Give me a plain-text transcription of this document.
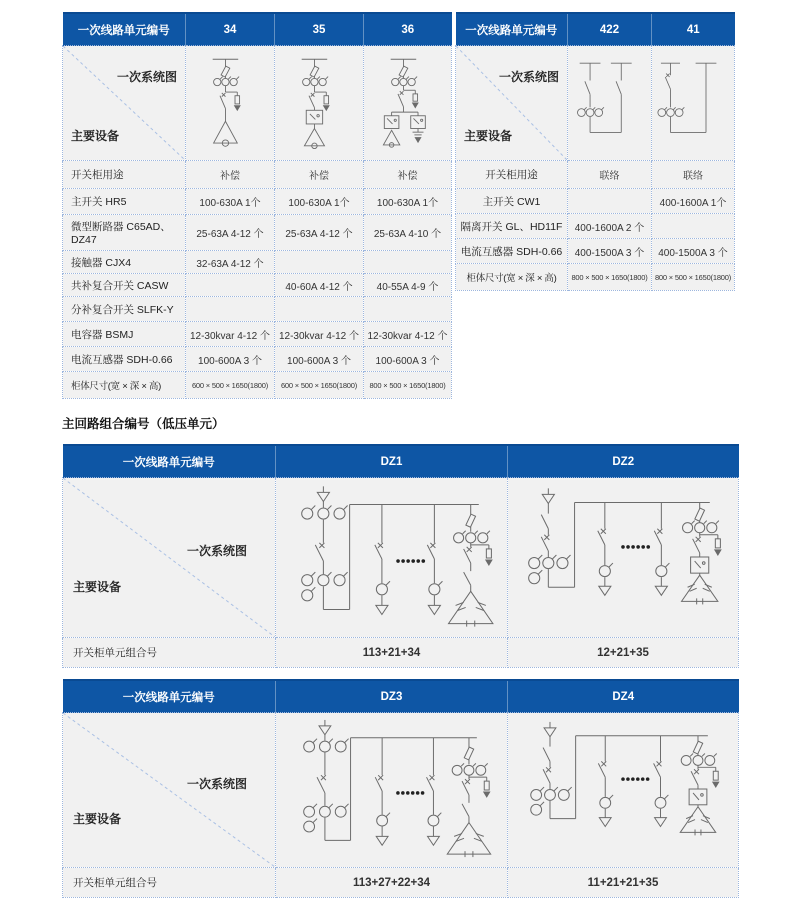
一次线路单元编号	34	35	36

一次系统图
主要设备

开关柜用途	补偿	补偿	补偿
主开关 HR5	100-630A 1个	100-630A 1个	100-630A 1个
微型断路器 C65AD、DZ47	25-63A 4-12 个	25-63A 4-12 个	25-63A 4-10 个
接触器 CJX4	32-63A 4-12 个		
共补复合开关 CASW		40-60A 4-12 个	40-55A 4-9 个
分补复合开关 SLFK-Y			
电容器 BSMJ	12-30kvar 4-12 个	12-30kvar 4-12 个	12-30kvar 4-12 个
电流互感器 SDH-0.66	100-600A 3 个	100-600A 3 个	100-600A 3 个
柜体尺寸(宽 × 深 × 高)	600 × 500 × 1650(1800)	600 × 500 × 1650(1800)	800 × 500 × 1650(1800)
一次线路单元编号	422	41

一次系统图
主要设备

开关柜用途	联络	联络
主开关 CW1		400-1600A 1个
隔离开关 GL、HD11F	400-1600A 2 个	
电流互感器 SDH-0.66	400-1500A 3 个	400-1500A 3 个
柜体尺寸(宽 × 深 × 高)	800 × 500 × 1650(1800)	800 × 500 × 1650(1800)
主回路组合编号（低压单元）
一次线路单元编号	DZ1	DZ2

一次系统图
主要设备

开关柜单元组合号	113+21+34	12+21+35
一次线路单元编号	DZ3	DZ4

一次系统图
主要设备

开关柜单元组合号	113+27+22+34	11+21+21+35
